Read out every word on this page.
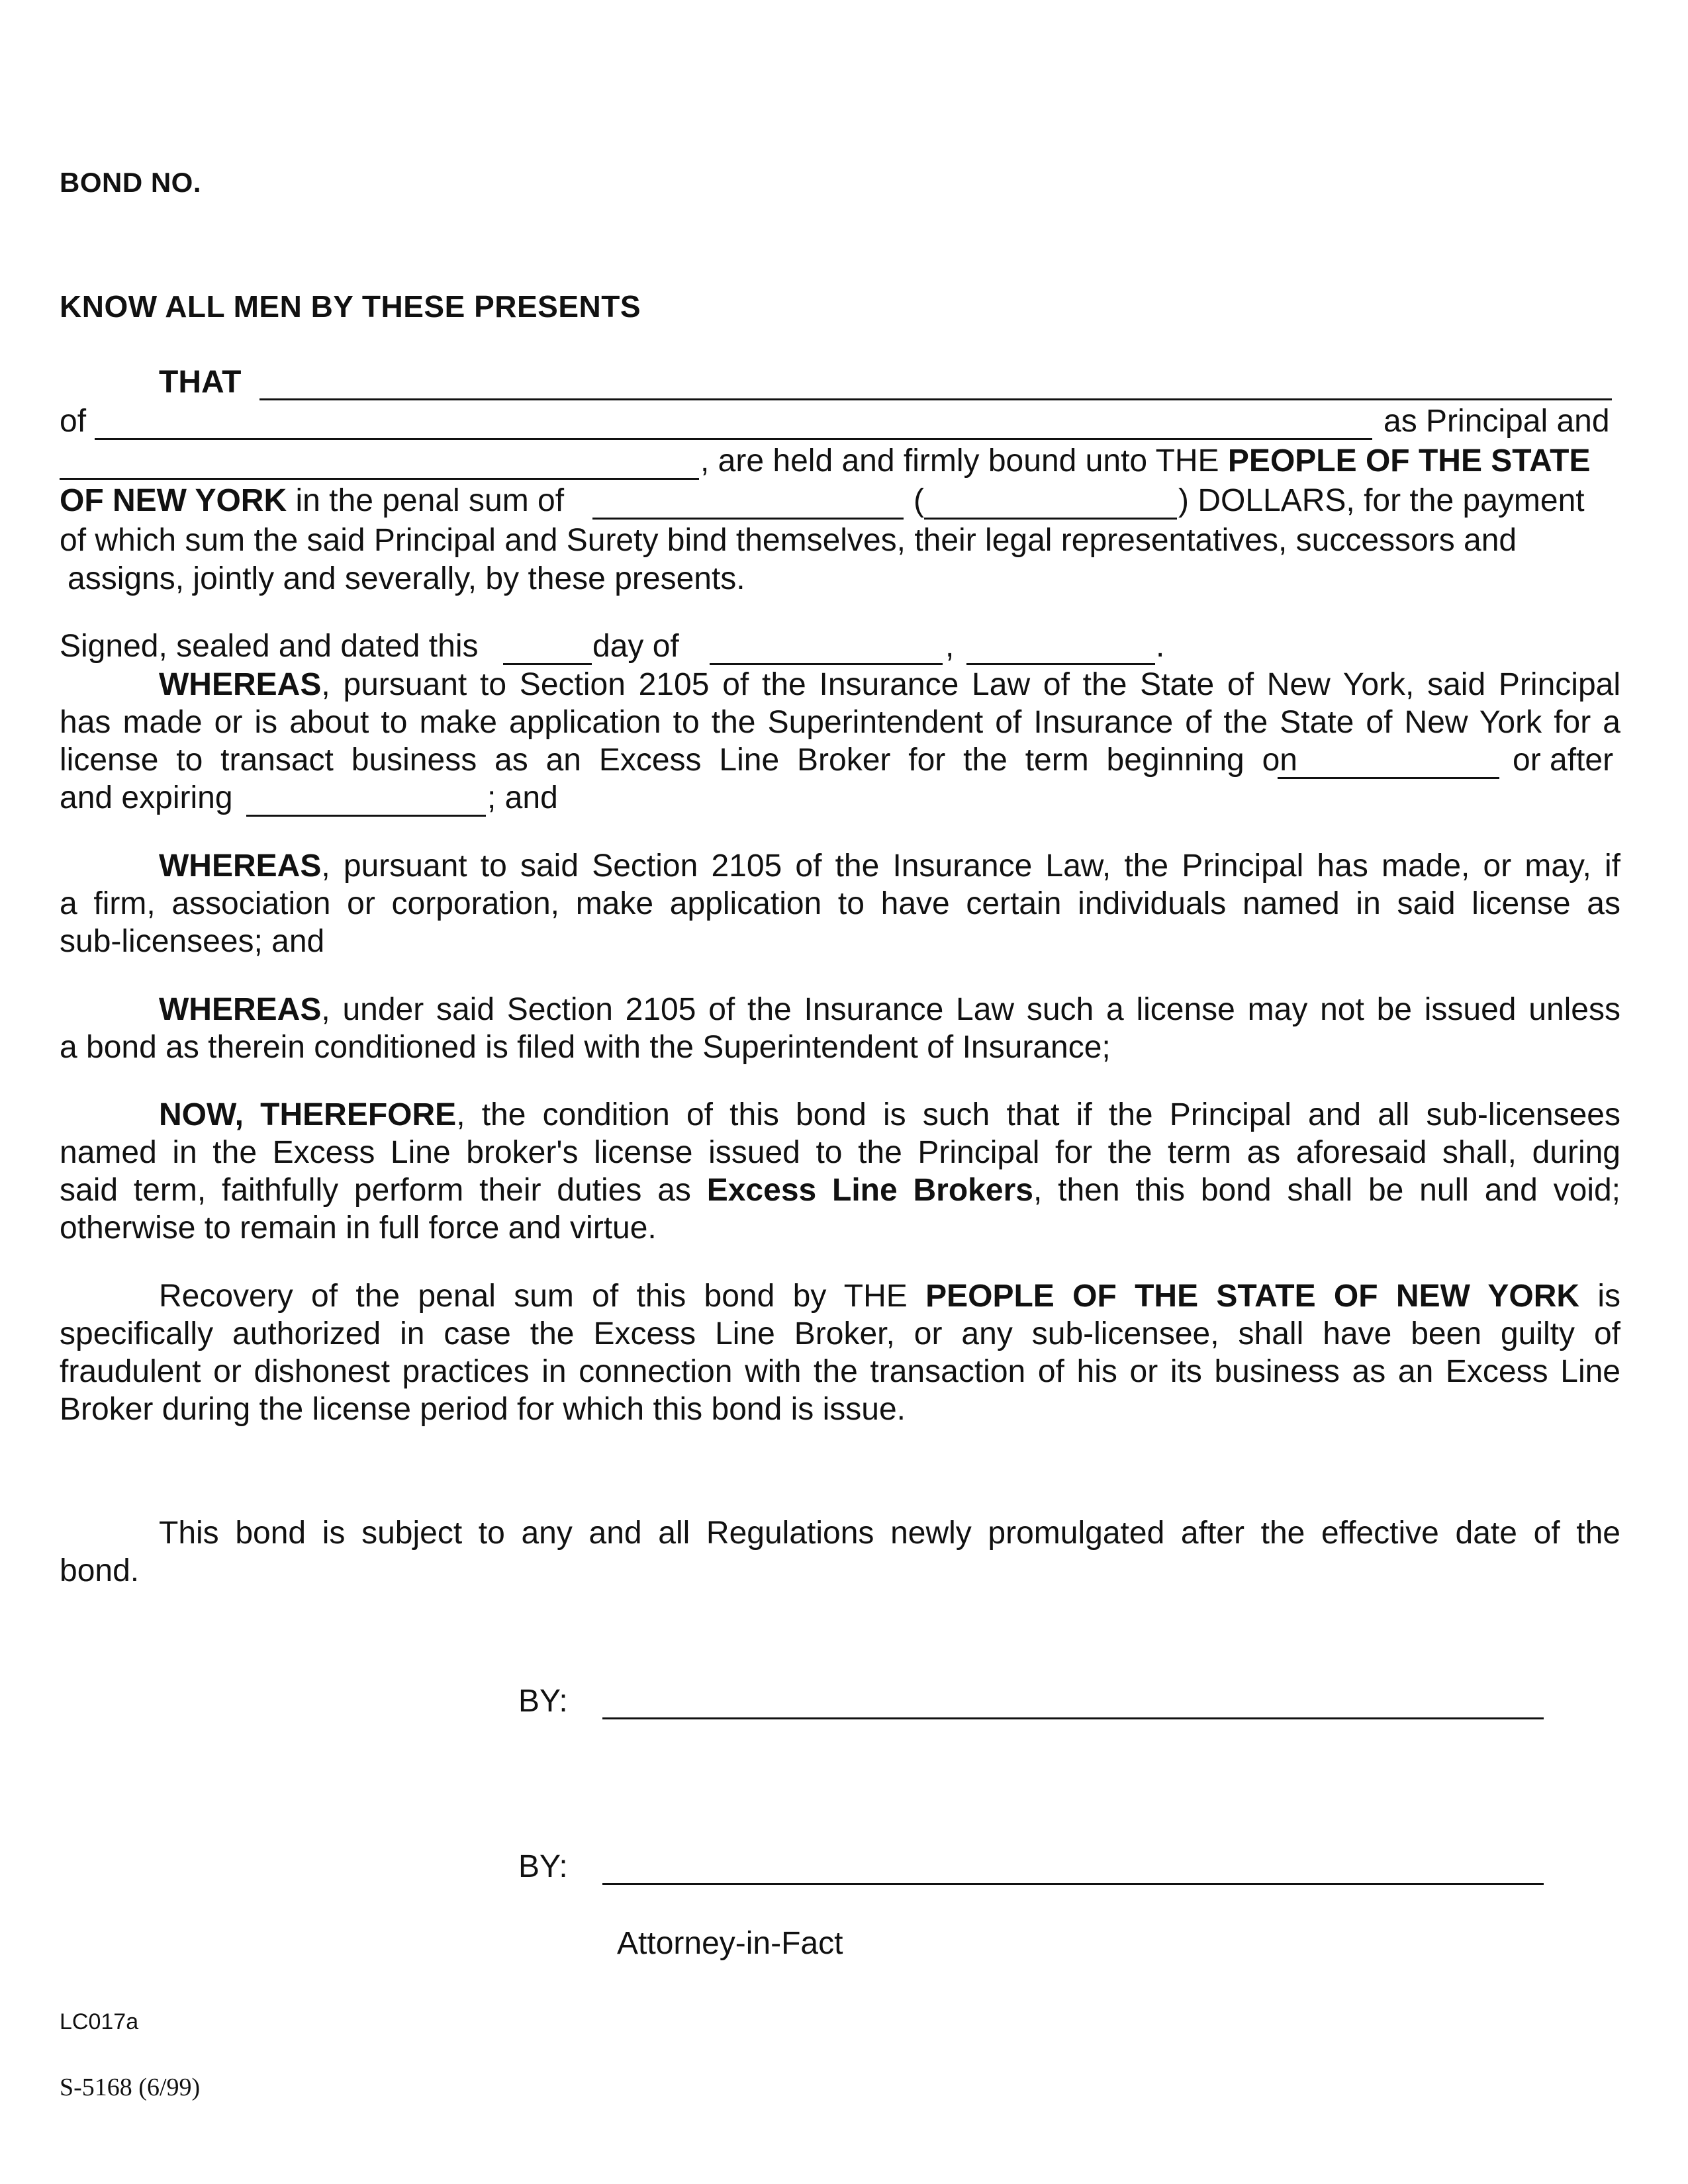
BOND NO.
KNOW ALL MEN BY THESE PRESENTS
THAT
of	as Principal and
, are held and firmly bound unto THE PEOPLE OF THE STATE
OF NEW YORK in the penal sum of	(	) DOLLARS, for the payment
of which sum the said Principal and Surety bind themselves, their legal representatives, successors and
assigns, jointly and severally, by these presents.
Signed, sealed and dated this	day of	,	.
WHEREAS, pursuant to Section 2105 of the Insurance Law of the State of New York, said Principal
has made or is about to make application to the Superintendent of Insurance of the State of New York for a
license to transact business as an Excess Line Broker for the term beginning on	or after
and expiring	; and
WHEREAS, pursuant to said Section 2105 of the Insurance Law, the Principal has made, or may, if
a firm, association or corporation, make application to have certain individuals named in said license as
sub-licensees; and
WHEREAS, under said Section 2105 of the Insurance Law such a license may not be issued unless
a bond as therein conditioned is filed with the Superintendent of Insurance;
NOW, THEREFORE, the condition of this bond is such that if the Principal and all sub-licensees
named in the Excess Line broker's license issued to the Principal for the term as aforesaid shall, during
said term, faithfully perform their duties as Excess Line Brokers, then this bond shall be null and void;
otherwise to remain in full force and virtue.
Recovery of the penal sum of this bond by THE PEOPLE OF THE STATE OF NEW YORK is
specifically authorized in case the Excess Line Broker, or any sub-licensee, shall have been guilty of
fraudulent or dishonest practices in connection with the transaction of his or its business as an Excess Line
Broker during the license period for which this bond is issue.
This bond is subject to any and all Regulations newly promulgated after the effective date of the
bond.
BY:
BY:
Attorney-in-Fact
LC017a
S-5168 (6/99)
